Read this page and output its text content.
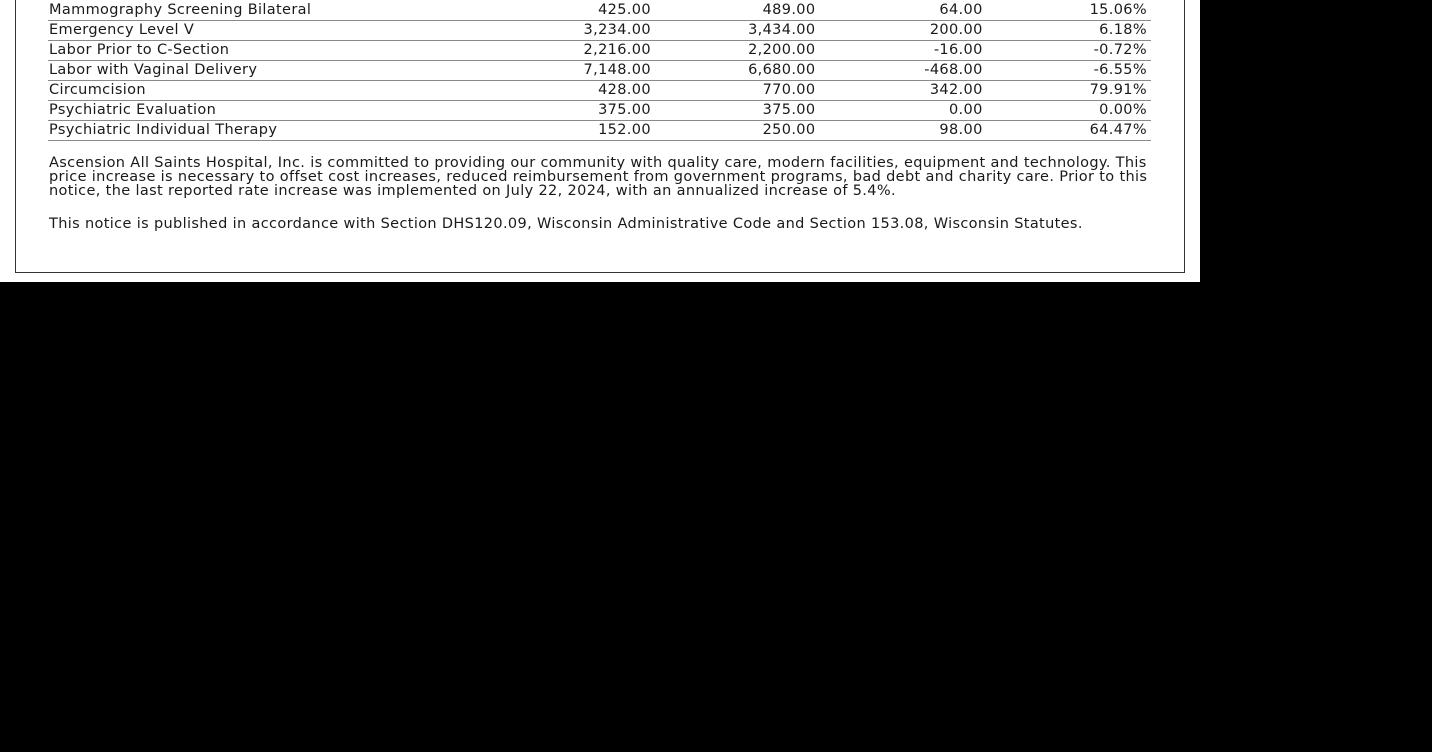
Mammography Screening Bilateral	425.00	489.00	64.00	15.06%
Emergency Level V	3,234.00	3,434.00	200.00	6.18%
Labor Prior to C-Section	2,216.00	2,200.00	-16.00	-0.72%
Labor with Vaginal Delivery	7,148.00	6,680.00	-468.00	-6.55%
Circumcision	428.00	770.00	342.00	79.91%
Psychiatric Evaluation	375.00	375.00	0.00	0.00%
Psychiatric Individual Therapy	152.00	250.00	98.00	64.47%

Ascension All Saints Hospital, Inc. is committed to providing our community with quality care, modern facilities, equipment and technology. This price increase is necessary to offset cost increases, reduced reimbursement from government programs, bad debt and charity care. Prior to this notice, the last reported rate increase was implemented on July 22, 2024, with an annualized increase of 5.4%.

This notice is published in accordance with Section DHS120.09, Wisconsin Administrative Code and Section 153.08, Wisconsin Statutes.
